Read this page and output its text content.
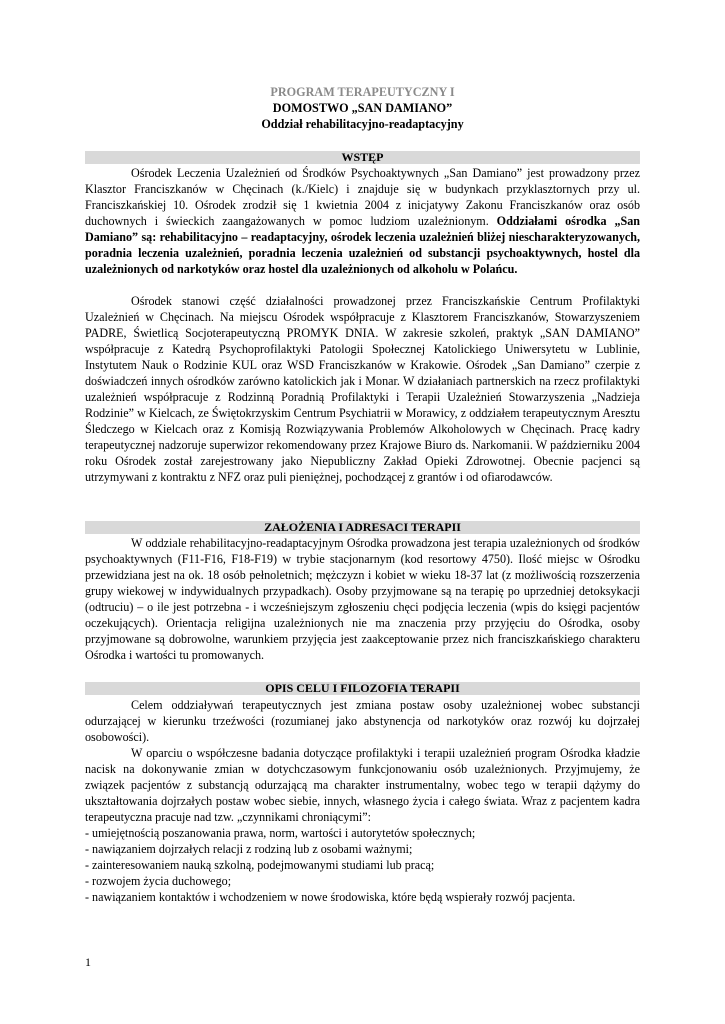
PROGRAM TERAPEUTYCZNY I
DOMOSTWO „SAN DAMIANO”
Oddział rehabilitacyjno-readaptacyjny
WSTĘP

Ośrodek Leczenia Uzależnień od Środków Psychoaktywnych „San Damiano” jest prowadzony przez Klasztor Franciszkanów w Chęcinach (k./Kielc) i znajduje się w budynkach przyklasztornych przy ul. Franciszkańskiej 10. Ośrodek zrodził się 1 kwietnia 2004 z inicjatywy Zakonu Franciszkanów oraz osób duchownych i świeckich zaangażowanych w pomoc ludziom uzależnionym. Oddziałami ośrodka „San Damiano” są: rehabilitacyjno – readaptacyjny, ośrodek leczenia uzależnień bliżej niescharakteryzowanych, poradnia leczenia uzależnień, poradnia leczenia uzależnień od substancji psychoaktywnych, hostel dla uzależnionych od narkotyków oraz hostel dla uzależnionych od alkoholu w Polańcu.

Ośrodek stanowi część działalności prowadzonej przez Franciszkańskie Centrum Profilaktyki Uzależnień w Chęcinach. Na miejscu Ośrodek współpracuje z Klasztorem Franciszkanów, Stowarzyszeniem PADRE, Świetlicą Socjoterapeutyczną PROMYK DNIA. W zakresie szkoleń, praktyk „SAN DAMIANO” współpracuje z Katedrą Psychoprofilaktyki Patologii Społecznej Katolickiego Uniwersytetu w Lublinie, Instytutem Nauk o Rodzinie KUL oraz WSD Franciszkanów w Krakowie. Ośrodek „San Damiano” czerpie z doświadczeń innych ośrodków zarówno katolickich jak i Monar. W działaniach partnerskich na rzecz profilaktyki uzależnień współpracuje z Rodzinną Poradnią Profilaktyki i Terapii Uzależnień Stowarzyszenia „Nadzieja Rodzinie” w Kielcach, ze Świętokrzyskim Centrum Psychiatrii w Morawicy, z oddziałem terapeutycznym Aresztu Śledczego w Kielcach oraz z Komisją Rozwiązywania Problemów Alkoholowych w Chęcinach. Pracę kadry terapeutycznej nadzoruje superwizor rekomendowany przez Krajowe Biuro ds. Narkomanii. W październiku 2004 roku Ośrodek został zarejestrowany jako Niepubliczny Zakład Opieki Zdrowotnej. Obecnie pacjenci są utrzymywani z kontraktu z NFZ oraz puli pieniężnej, pochodzącej z grantów i od ofiarodawców.

ZAŁOŻENIA I ADRESACI TERAPII

W oddziale rehabilitacyjno-readaptacyjnym Ośrodka prowadzona jest terapia uzależnionych od środków psychoaktywnych (F11-F16, F18-F19) w trybie stacjonarnym (kod resortowy 4750). Ilość miejsc w Ośrodku przewidziana jest na ok. 18 osób pełnoletnich; mężczyzn i kobiet w wieku 18-37 lat (z możliwością rozszerzenia grupy wiekowej w indywidualnych przypadkach). Osoby przyjmowane są na terapię po uprzedniej detoksykacji (odtruciu) – o ile jest potrzebna - i wcześniejszym zgłoszeniu chęci podjęcia leczenia (wpis do księgi pacjentów oczekujących). Orientacja religijna uzależnionych nie ma znaczenia przy przyjęciu do Ośrodka, osoby przyjmowane są dobrowolne, warunkiem przyjęcia jest zaakceptowanie przez nich franciszkańskiego charakteru Ośrodka i wartości tu promowanych.

OPIS CELU I FILOZOFIA TERAPII

Celem oddziaływań terapeutycznych jest zmiana postaw osoby uzależnionej wobec substancji odurzającej w kierunku trzeźwości (rozumianej jako abstynencja od narkotyków oraz rozwój ku dojrzałej osobowości).

W oparciu o współczesne badania dotyczące profilaktyki i terapii uzależnień program Ośrodka kładzie nacisk na dokonywanie zmian w dotychczasowym funkcjonowaniu osób uzależnionych. Przyjmujemy, że związek pacjentów z substancją odurzającą ma charakter instrumentalny, wobec tego w terapii dążymy do ukształtowania dojrzałych postaw wobec siebie, innych, własnego życia i całego świata. Wraz z pacjentem kadra terapeutyczna pracuje nad tzw. „czynnikami chroniącymi”:

- umiejętnością poszanowania prawa, norm, wartości i autorytetów społecznych;
- nawiązaniem dojrzałych relacji z rodziną lub z osobami ważnymi;
- zainteresowaniem nauką szkolną, podejmowanymi studiami lub pracą;
- rozwojem życia duchowego;
- nawiązaniem kontaktów i wchodzeniem w nowe środowiska, które będą wspierały rozwój pacjenta.
1
